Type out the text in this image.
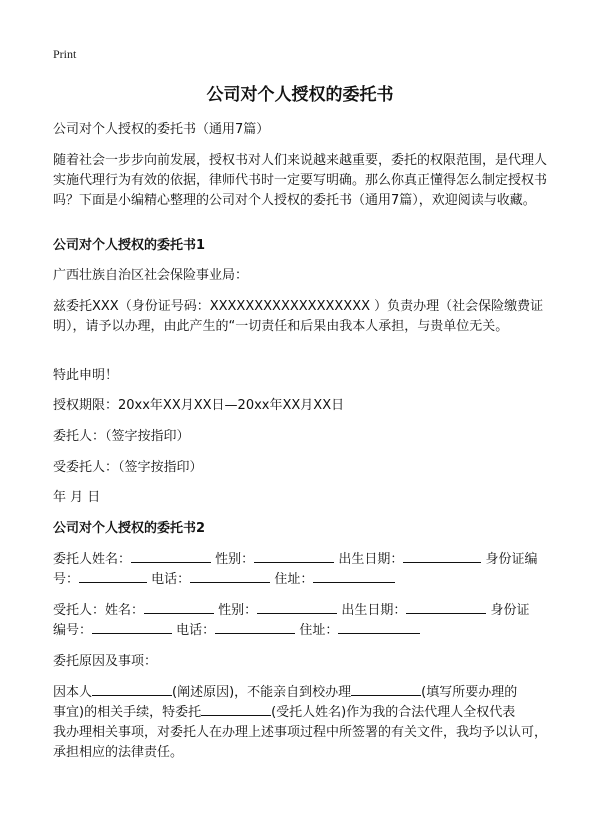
Print
公司对个人授权的委托书

公司对个人授权的委托书（通用7篇）

随着社会一步步向前发展，授权书对人们来说越来越重要，委托的权限范围，是代理人实施代理行为有效的依据，律师代书时一定要写明确。那么你真正懂得怎么制定授权书吗？下面是小编精心整理的公司对个人授权的委托书（通用7篇），欢迎阅读与收藏。

公司对个人授权的委托书1

广西壮族自治区社会保险事业局：

兹委托XXX（身份证号码：XXXXXXXXXXXXXXXXXX ）负责办理（社会保险缴费证明），请予以办理，由此产生的“一切责任和后果由我本人承担，与贵单位无关。

特此申明！

授权期限：20xx年XX月XX日—20xx年XX月XX日

委托人：（签字按指印）

受委托人：（签字按指印）

年 月 日

公司对个人授权的委托书2

委托人姓名：	性别：	出生日期：	身份证编
号：	电话：	住址：
受托人：姓名：	性别：	出生日期：	身份证
编号：	电话：	住址：

委托原因及事项：

因本人	(阐述原因)，不能亲自到校办理	(填写所要办理的
事宜)的相关手续，特委托	(受托人姓名)作为我的合法代理人全权代表
我办理相关事项，对委托人在办理上述事项过程中所签署的有关文件，我均予以认可，承担相应的法律责任。
